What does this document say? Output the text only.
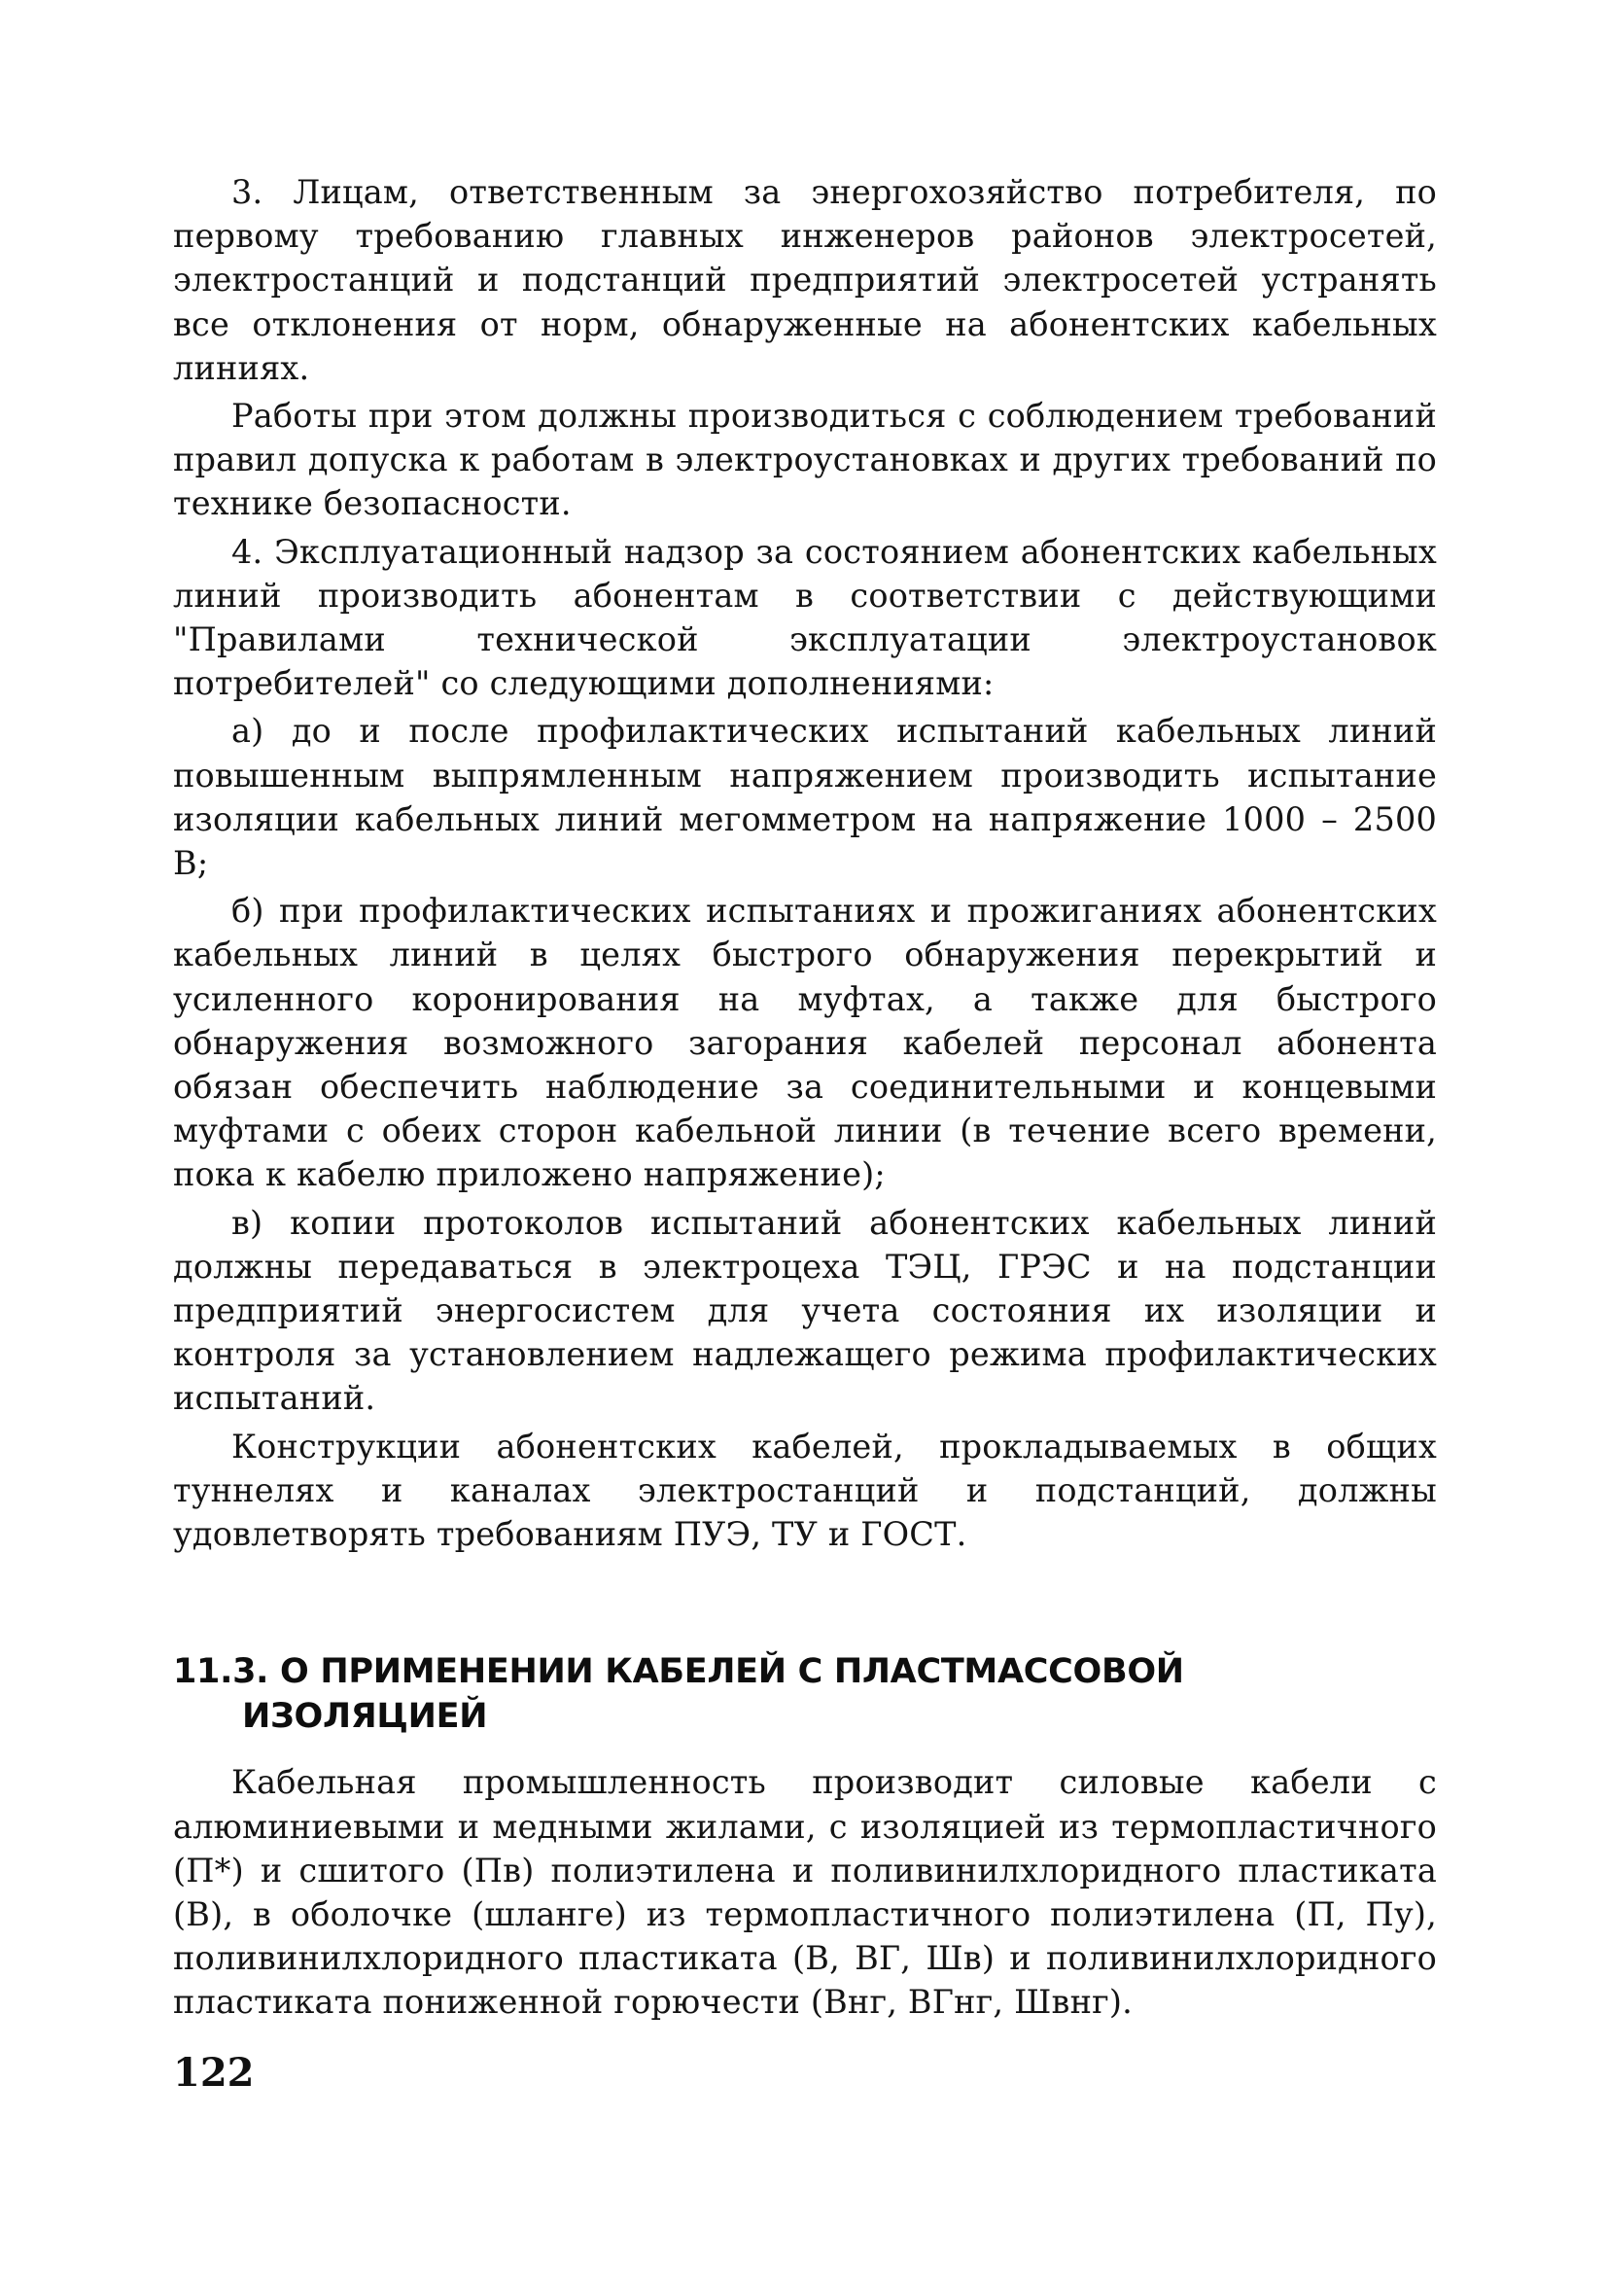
3. Лицам, ответственным за энергохозяйство потребителя, по первому требованию главных инженеров районов электросетей, электростанций и подстанций предприятий электросетей устранять все отклонения от норм, обнаруженные на абонентских кабельных линиях.

Работы при этом должны производиться с соблюдением требований правил допуска к работам в электроустановках и других требований по технике безопасности.

4. Эксплуатационный надзор за состоянием абонентских кабельных линий производить абонентам в соответствии с действующими "Правилами технической эксплуатации электроустановок потребителей" со следующими дополнениями:

а) до и после профилактических испытаний кабельных линий повышенным выпрямленным напряжением производить испытание изоляции кабельных линий мегомметром на напряжение 1000 – 2500 В;

б) при профилактических испытаниях и прожиганиях абонентских кабельных линий в целях быстрого обнаружения перекрытий и усиленного коронирования на муфтах, а также для быстрого обнаружения возможного загорания кабелей персонал абонента обязан обеспечить наблюдение за соединительными и концевыми муфтами с обеих сторон кабельной линии (в течение всего времени, пока к кабелю приложено напряжение);

в) копии протоколов испытаний абонентских кабельных линий должны передаваться в электроцеха ТЭЦ, ГРЭС и на подстанции предприятий энергосистем для учета состояния их изоляции и контроля за установлением надлежащего режима профилактических испытаний.

Конструкции абонентских кабелей, прокладываемых в общих туннелях и каналах электростанций и подстанций, должны удовлетворять требованиям ПУЭ, ТУ и ГОСТ.

11.3. О ПРИМЕНЕНИИ КАБЕЛЕЙ С ПЛАСТМАССОВОЙ ИЗОЛЯЦИЕЙ

Кабельная промышленность производит силовые кабели с алюминиевыми и медными жилами, с изоляцией из термопластичного (П*) и сшитого (Пв) полиэтилена и поливинилхлоридного пластиката (В), в оболочке (шланге) из термопластичного полиэтилена (П, Пу), поливинилхлоридного пластиката (В, ВГ, Шв) и поливинилхлоридного пластиката пониженной горючести (Внг, ВГнг, Швнг).

122
